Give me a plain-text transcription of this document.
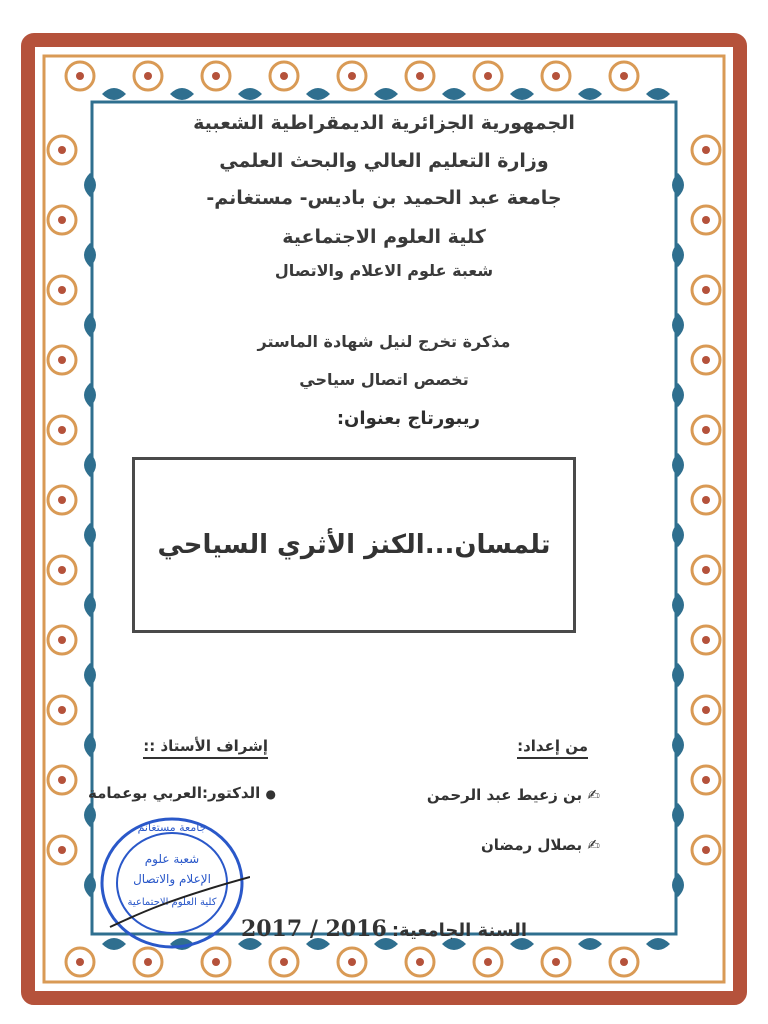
الجمهورية الجزائرية الديمقراطية الشعبية

وزارة التعليم العالي والبحث العلمي

جامعة عبد الحميد بن باديس- مستغانم-

كلية العلوم الاجتماعية

شعبة علوم الاعلام والاتصال

مذكرة تخرج لنيل شهادة الماستر

تخصص اتصال سياحي

ريبورتاج بعنوان:
تلمسان...الكنز الأثري السياحي
إشراف الأستاذ ::
● الدكتور:العربي بوعمامة
من إعداد:
✍ بن زعيط عبد الرحمن
✍ بصلال رمضان
السنة الجامعية: 2017 / 2016
جامعة مستغانم
شعبة علوم
الإعلام والاتصال
كلية العلوم الاجتماعية
